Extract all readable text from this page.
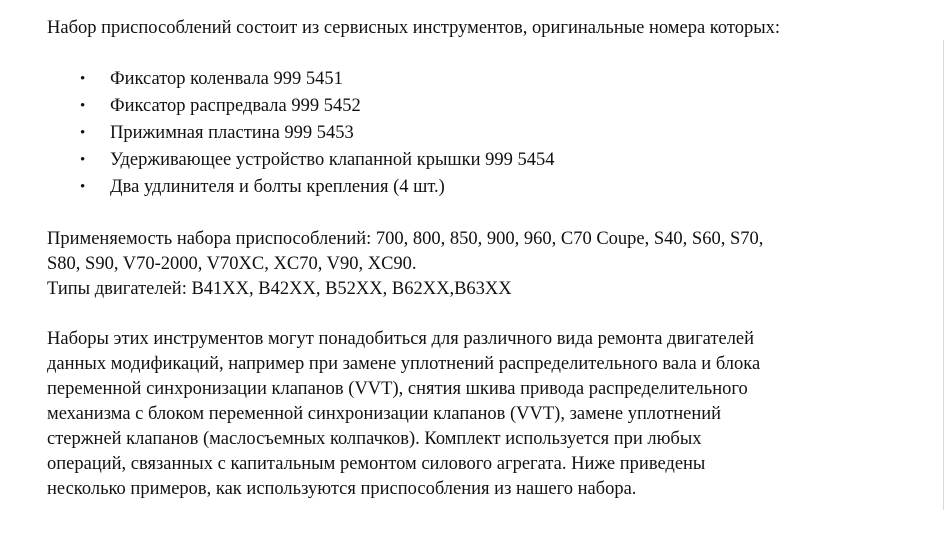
Набор приспособлений состоит из сервисных инструментов, оригинальные номера которых:
•	Фиксатор коленвала 999 5451
•	Фиксатор распредвала 999 5452
•	Прижимная пластина 999 5453
•	Удерживающее устройство клапанной крышки 999 5454
•	Два удлинителя и болты крепления (4 шт.)
Применяемость набора приспособлений: 700, 800, 850, 900, 960, C70 Coupe, S40, S60, S70,
S80, S90, V70-2000, V70XC, XC70, V90, XC90.
Типы двигателей: B41XX, B42XX, B52XX, B62XX,B63XX
Наборы этих инструментов могут понадобиться для различного вида ремонта двигателей
данных модификаций, например при замене уплотнений распределительного вала и блока
переменной синхронизации клапанов (VVT), снятия шкива привода распределительного
механизма с блоком переменной синхронизации клапанов (VVT), замене уплотнений
стержней клапанов (маслосъемных колпачков). Комплект используется при любых
операций, связанных с капитальным ремонтом силового агрегата. Ниже приведены
несколько примеров, как используются приспособления из нашего набора.
